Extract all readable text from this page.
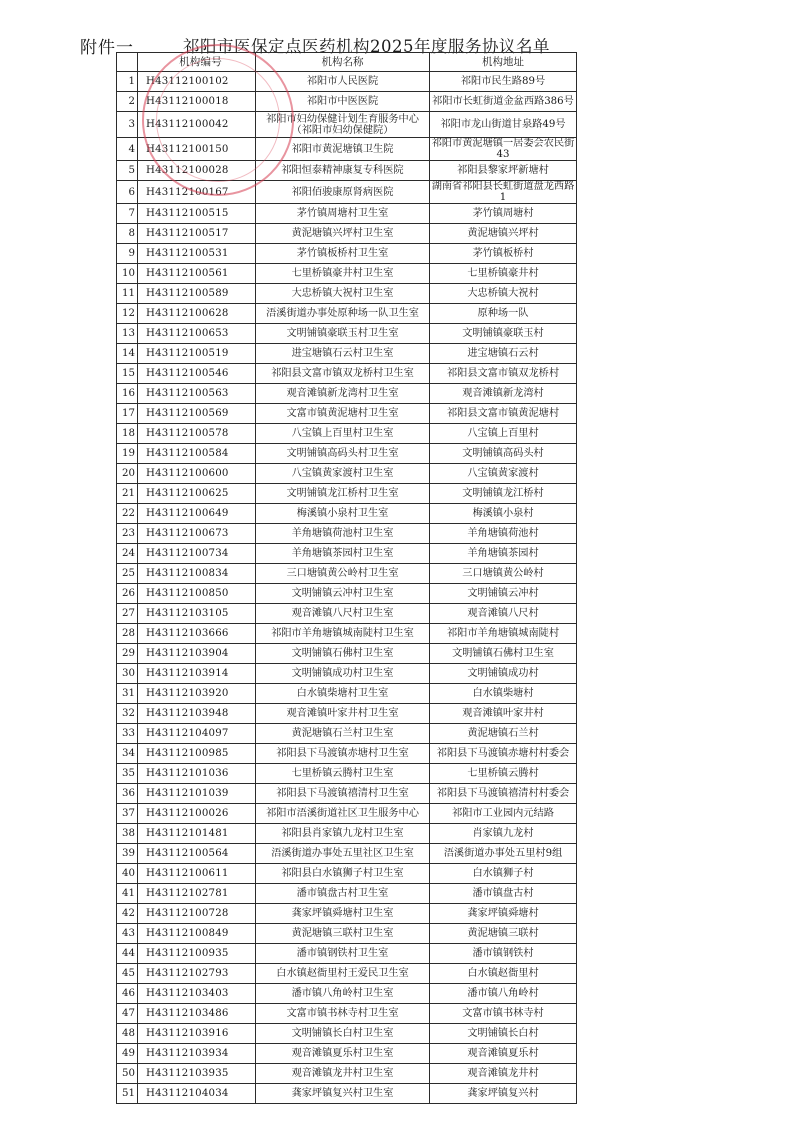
附件一	祁阳市医保定点医药机构2025年度服务协议名单
	机构编号	机构名称	机构地址
1	H43112100102	祁阳市人民医院	祁阳市民生路89号
2	H43112100018	祁阳市中医医院	祁阳市长虹街道金盆西路386号
3	H43112100042	祁阳市妇幼保健计划生育服务中心
（祁阳市妇幼保健院）	祁阳市龙山街道甘泉路49号
4	H43112100150	祁阳市黄泥塘镇卫生院	祁阳市黄泥塘镇一居委会农民街43
5	H43112100028	祁阳恒泰精神康复专科医院	祁阳县黎家坪新塘村
6	H43112100167	祁阳佰骏康原肾病医院	湖南省祁阳县长虹街道盘龙西路1
7	H43112100515	茅竹镇周塘村卫生室	茅竹镇周塘村
8	H43112100517	黄泥塘镇兴坪村卫生室	黄泥塘镇兴坪村
9	H43112100531	茅竹镇板桥村卫生室	茅竹镇板桥村
10	H43112100561	七里桥镇豪井村卫生室	七里桥镇豪井村
11	H43112100589	大忠桥镇大祝村卫生室	大忠桥镇大祝村
12	H43112100628	浯溪街道办事处原种场一队卫生室	原种场一队
13	H43112100653	文明铺镇豪联玉村卫生室	文明铺镇豪联玉村
14	H43112100519	进宝塘镇石云村卫生室	进宝塘镇石云村
15	H43112100546	祁阳县文富市镇双龙桥村卫生室	祁阳县文富市镇双龙桥村
16	H43112100563	观音滩镇新龙湾村卫生室	观音滩镇新龙湾村
17	H43112100569	文富市镇黄泥塘村卫生室	祁阳县文富市镇黄泥塘村
18	H43112100578	八宝镇上百里村卫生室	八宝镇上百里村
19	H43112100584	文明铺镇高码头村卫生室	文明铺镇高码头村
20	H43112100600	八宝镇黄家渡村卫生室	八宝镇黄家渡村
21	H43112100625	文明铺镇龙江桥村卫生室	文明铺镇龙江桥村
22	H43112100649	梅溪镇小泉村卫生室	梅溪镇小泉村
23	H43112100673	羊角塘镇荷池村卫生室	羊角塘镇荷池村
24	H43112100734	羊角塘镇茶园村卫生室	羊角塘镇茶园村
25	H43112100834	三口塘镇黄公岭村卫生室	三口塘镇黄公岭村
26	H43112100850	文明铺镇云冲村卫生室	文明铺镇云冲村
27	H43112103105	观音滩镇八尺村卫生室	观音滩镇八尺村
28	H43112103666	祁阳市羊角塘镇城南陡村卫生室	祁阳市羊角塘镇城南陡村
29	H43112103904	文明铺镇石佛村卫生室	文明铺镇石佛村卫生室
30	H43112103914	文明铺镇成功村卫生室	文明铺镇成功村
31	H43112103920	白水镇柴塘村卫生室	白水镇柴塘村
32	H43112103948	观音滩镇叶家井村卫生室	观音滩镇叶家井村
33	H43112104097	黄泥塘镇石兰村卫生室	黄泥塘镇石兰村
34	H43112100985	祁阳县下马渡镇赤塘村卫生室	祁阳县下马渡镇赤塘村村委会
35	H43112101036	七里桥镇云腾村卫生室	七里桥镇云腾村
36	H43112101039	祁阳县下马渡镇禧清村卫生室	祁阳县下马渡镇禧清村村委会
37	H43112100026	祁阳市浯溪街道社区卫生服务中心	祁阳市工业园内元结路
38	H43112101481	祁阳县肖家镇九龙村卫生室	肖家镇九龙村
39	H43112100564	浯溪街道办事处五里社区卫生室	浯溪街道办事处五里村9组
40	H43112100611	祁阳县白水镇狮子村卫生室	白水镇狮子村
41	H43112102781	潘市镇盘古村卫生室	潘市镇盘古村
42	H43112100728	龚家坪镇舜塘村卫生室	龚家坪镇舜塘村
43	H43112100849	黄泥塘镇三联村卫生室	黄泥塘镇三联村
44	H43112100935	潘市镇钢铁村卫生室	潘市镇钢铁村
45	H43112102793	白水镇赵衙里村王爱民卫生室	白水镇赵衙里村
46	H43112103403	潘市镇八角岭村卫生室	潘市镇八角岭村
47	H43112103486	文富市镇书林寺村卫生室	文富市镇书林寺村
48	H43112103916	文明铺镇长白村卫生室	文明铺镇长白村
49	H43112103934	观音滩镇夏乐村卫生室	观音滩镇夏乐村
50	H43112103935	观音滩镇龙井村卫生室	观音滩镇龙井村
51	H43112104034	龚家坪镇复兴村卫生室	龚家坪镇复兴村
